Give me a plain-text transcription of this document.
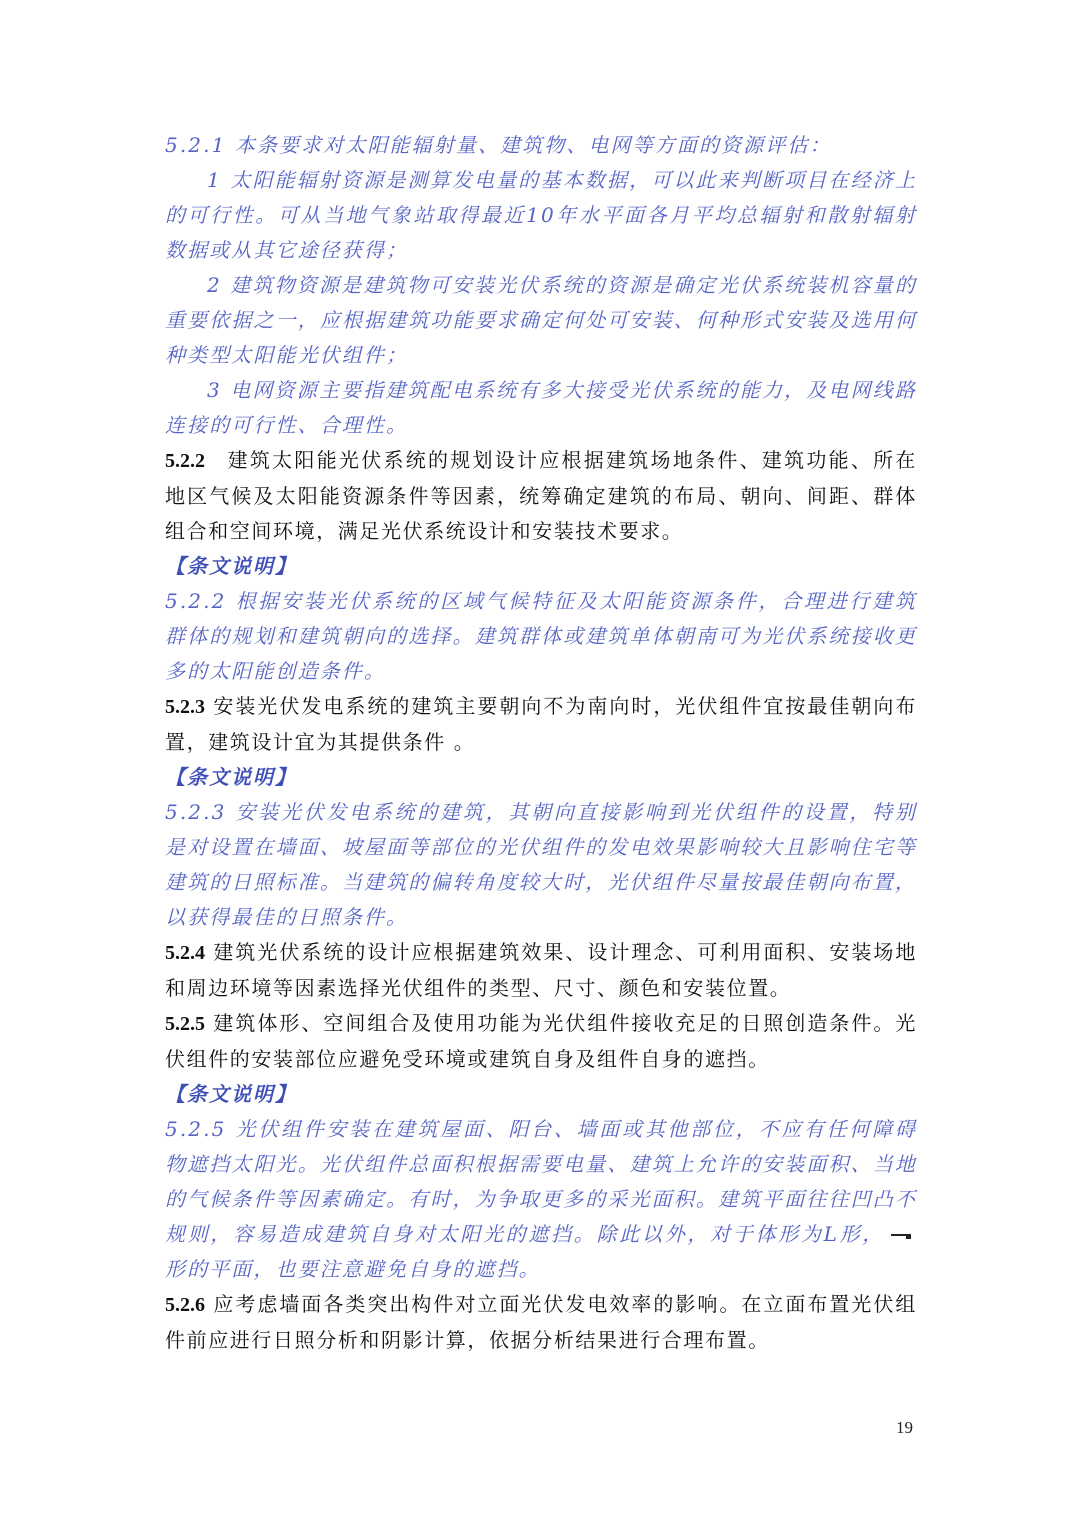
5.2.1 本条要求对太阳能辐射量、建筑物、电网等方面的资源评估：

1 太阳能辐射资源是测算发电量的基本数据，可以此来判断项目在经济上的可行性。可从当地气象站取得最近10年水平面各月平均总辐射和散射辐射数据或从其它途径获得；

2 建筑物资源是建筑物可安装光伏系统的资源是确定光伏系统装机容量的重要依据之一，应根据建筑功能要求确定何处可安装、何种形式安装及选用何种类型太阳能光伏组件；

3 电网资源主要指建筑配电系统有多大接受光伏系统的能力，及电网线路连接的可行性、合理性。

5.2.2 建筑太阳能光伏系统的规划设计应根据建筑场地条件、建筑功能、所在地区气候及太阳能资源条件等因素，统筹确定建筑的布局、朝向、间距、群体组合和空间环境，满足光伏系统设计和安装技术要求。

【条文说明】

5.2.2 根据安装光伏系统的区域气候特征及太阳能资源条件，合理进行建筑群体的规划和建筑朝向的选择。建筑群体或建筑单体朝南可为光伏系统接收更多的太阳能创造条件。

5.2.3 安装光伏发电系统的建筑主要朝向不为南向时，光伏组件宜按最佳朝向布置，建筑设计宜为其提供条件 。

【条文说明】

5.2.3 安装光伏发电系统的建筑，其朝向直接影响到光伏组件的设置，特别是对设置在墙面、坡屋面等部位的光伏组件的发电效果影响较大且影响住宅等建筑的日照标准。当建筑的偏转角度较大时，光伏组件尽量按最佳朝向布置，以获得最佳的日照条件。

5.2.4 建筑光伏系统的设计应根据建筑效果、设计理念、可利用面积、安装场地和周边环境等因素选择光伏组件的类型、尺寸、颜色和安装位置。

5.2.5 建筑体形、空间组合及使用功能为光伏组件接收充足的日照创造条件。光伏组件的安装部位应避免受环境或建筑自身及组件自身的遮挡。

【条文说明】

5.2.5 光伏组件安装在建筑屋面、阳台、墙面或其他部位，不应有任何障碍物遮挡太阳光。光伏组件总面积根据需要电量、建筑上允许的安装面积、当地的气候条件等因素确定。有时，为争取更多的采光面积。建筑平面往往凹凸不规则，容易造成建筑自身对太阳光的遮挡。除此以外，对于体形为L形，形的平面，也要注意避免自身的遮挡。

5.2.6 应考虑墙面各类突出构件对立面光伏发电效率的影响。在立面布置光伏组件前应进行日照分析和阴影计算，依据分析结果进行合理布置。

19
